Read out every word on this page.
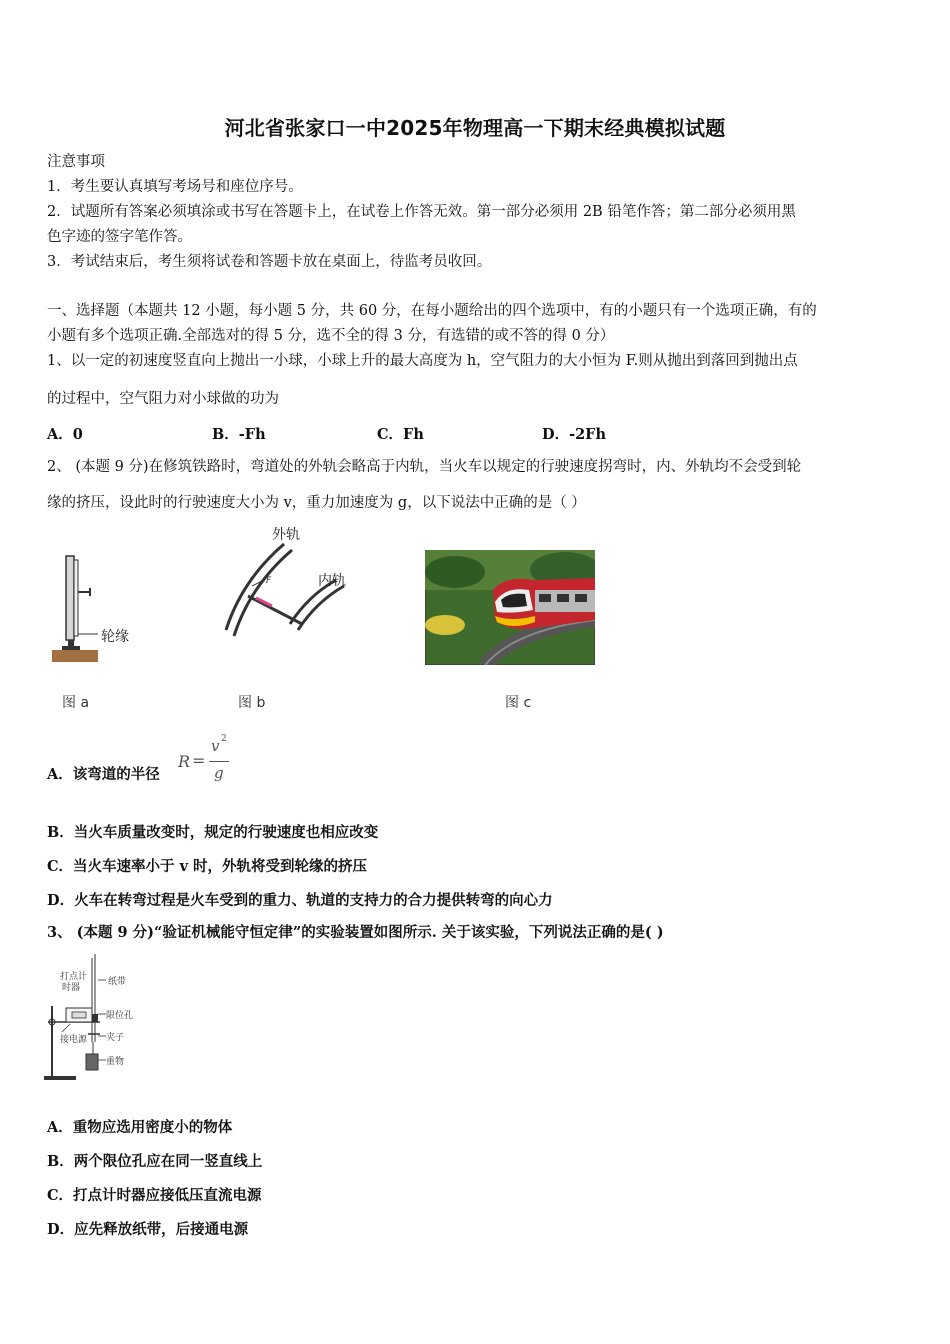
河北省张家口一中2025年物理高一下期末经典模拟试题
注意事项
1．考生要认真填写考场号和座位序号。
2．试题所有答案必须填涂或书写在答题卡上，在试卷上作答无效。第一部分必须用 2B 铅笔作答；第二部分必须用黑
色字迹的签字笔作答。
3．考试结束后，考生须将试卷和答题卡放在桌面上，待监考员收回。
一、选择题（本题共 12 小题，每小题 5 分，共 60 分，在每小题给出的四个选项中，有的小题只有一个选项正确，有的
小题有多个选项正确.全部选对的得 5 分，选不全的得 3 分，有选错的或不答的得 0 分）
1、以一定的初速度竖直向上抛出一小球，小球上升的最大高度为 h，空气阻力的大小恒为 F.则从抛出到落回到抛出点
的过程中，空气阻力对小球做的功为
A．0	B．-Fh	C．Fh	D．-2Fh
2、 (本题 9 分)在修筑铁路时，弯道处的外轨会略高于内轨，当火车以规定的行驶速度拐弯时，内、外轨均不会受到轮
缘的挤压，设此时的行驶速度大小为 v，重力加速度为 g，以下说法中正确的是（ ）
轮缘
图 a
外轨
内轨
F
图 b	图 c
A．该弯道的半径
R =
v 2
g
B．当火车质量改变时，规定的行驶速度也相应改变
C．当火车速率小于 v 时，外轨将受到轮缘的挤压
D．火车在转弯过程是火车受到的重力、轨道的支持力的合力提供转弯的向心力
3、 (本题 9 分)“验证机械能守恒定律”的实验装置如图所示. 关于该实验，下列说法正确的是( )
打点计
时器
纸带
限位孔
接电源 夹子
重物
A．重物应选用密度小的物体
B．两个限位孔应在同一竖直线上
C．打点计时器应接低压直流电源
D．应先释放纸带，后接通电源
